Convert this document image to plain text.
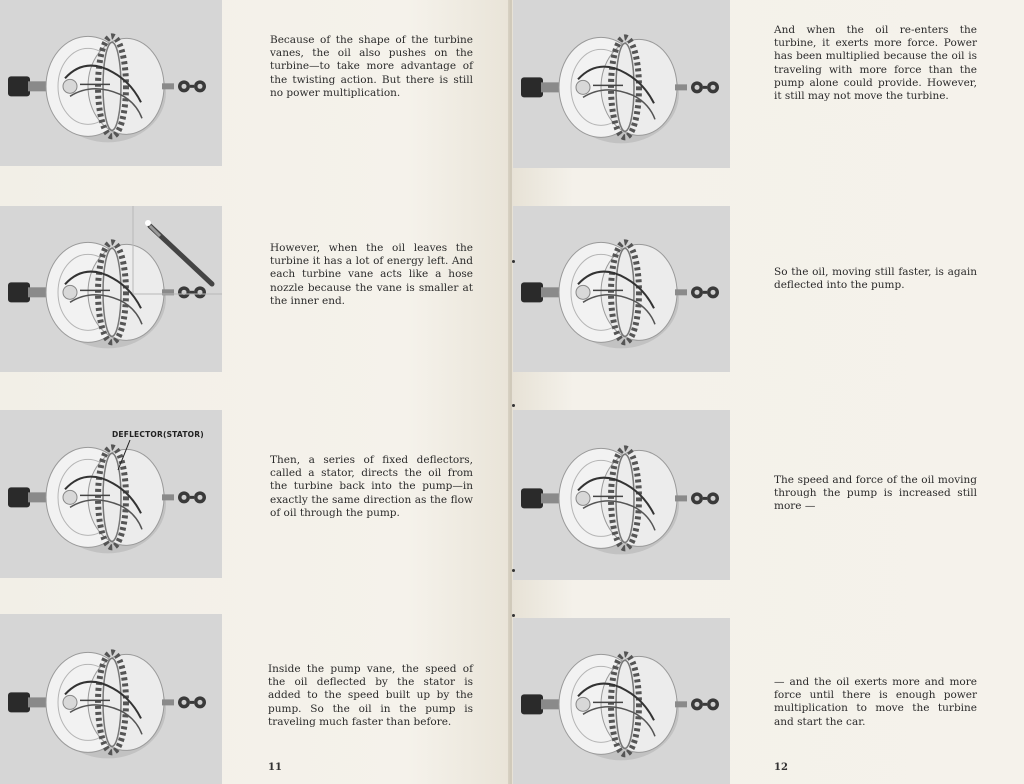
Because of the shape of the turbine vanes, the oil also pushes on the turbine—to take more advantage of the twisting action. But there is still no power multiplication.

However, when the oil leaves the turbine it has a lot of energy left. And each turbine vane acts like a hose nozzle because the vane is smaller at the inner end.

DEFLECTOR(STATOR)

Then, a series of fixed deflectors, called a stator, directs the oil from the turbine back into the pump—in exactly the same direction as the flow of oil through the pump.

Inside the pump vane, the speed of the oil deflected by the stator is added to the speed built up by the pump. So the oil in the pump is traveling much faster than before.

11

And when the oil re-enters the turbine, it exerts more force. Power has been multiplied because the oil is traveling with more force than the pump alone could provide. However, it still may not move the turbine.

So the oil, moving still faster, is again deflected into the pump.

The speed and force of the oil moving through the pump is increased still more —

— and the oil exerts more and more force until there is enough power multiplication to move the turbine and start the car.

12
